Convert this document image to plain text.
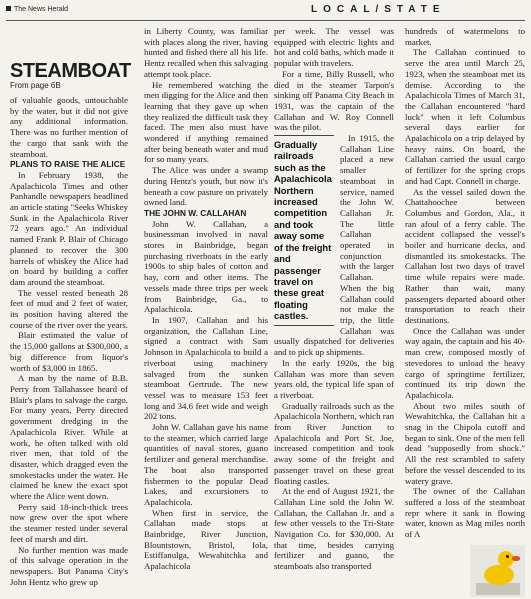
The News Herald	LOCAL/STATE
STEAMBOAT
From page 6B

of valuable goods, untouchable by the water, but it did not give any additional information. There was no further mention of the cargo that sank with the steamboat.

PLANS TO RAISE THE ALICE

In February 1938, the Apalachicola Times and other Panhandle newspapers headlined an article stating "Seeks Whiskey Sunk in the Apalachicola River 72 years ago." An individual named Frank P. Blair of Chicago planned to recover the 300 barrels of whiskey the Alice had on board by building a coffer dam around the steamboat.

The vessel rested beneath 28 feet of mud and 2 feet of water, its position having altered the course of the river over the years.

Blair estimated the value of the 15,000 gallons at $300,000, a big difference from liquor's worth of $3,000 in 1865.

A man by the name of B.B. Perry from Tallahassee heard of Blair's plans to salvage the cargo. For many years, Perry directed government dredging in the Apalachicola River. While at work, he often talked with old river men, that told of the disaster, which dragged even the smokestacks under the water. He claimed he knew the exact spot where the Alice went down.

Perry said 18-inch-thick trees now grew over the spot where the steamer rested under several feet of marsh and dirt.

No further mention was made of this salvage operation in the newspapers. But Panama City's John Hentz who grew up

in Liberty County, was familiar with places along the river, having hunted and fished there all his life. Hentz recalled when this salvaging attempt took place.

He remembered watching the men digging for the Alice and then learning that they gave up when they realized the difficult task they faced. The men also must have wondered if anything remained after being beneath water and mud for so many years.

The Alice was under a swamp during Hentz's youth, but now it's beneath a cow pasture on privately owned land.

THE JOHN W. CALLAHAN

John W. Callahan, a businessman involved in naval stores in Bainbridge, began purchasing riverboats in the early 1900s to ship bales of cotton and hay, corn and other items. The vessels made three trips per week from Bainbridge, Ga., to Apalachicola.

In 1907, Callahan and his organization, the Callahan Line, signed a contract with Sam Johnson in Apalachicola to build a riverboat using machinery salvaged from the sunken steamboat Gertrude. The new vessel was to measure 153 feet long and 34.6 feet wide and weigh 202 tons.

John W. Callahan gave his name to the steamer, which carried large quantities of naval stores, guano fertilizer and general merchandise. The boat also transported fishermen to the popular Dead Lakes, and excursioners to Apalachicola.

When first in service, the Callahan made stops at Bainbridge, River Junction, Blountstown, Bristol, Iola, Estiffanulga, Wewahitchka and Apalachicola

per week. The vessel was equipped with electric lights and hot and cold baths, which made it popular with travelers.

For a time, Billy Russell, who died in the steamer Tarpon's sinking off Panama City Beach in 1931, was the captain of the Callahan and W. Roy Connell was the pilot.

Gradually railroads such as the Apalachicola Northern increased competition and took away some of the freight and passenger travel on these great floating castles.

In 1915, the Callahan Line placed a new smaller steamboat in service, named the John W. Callahan Jr. The little Callahan

operated in conjunction with the larger Callahan. When the big Callahan could not make the trip, the little Callahan was usually dispatched for deliveries and to pick up shipments.

In the early 1920s, the big Callahan was more than seven years old, the typical life span of a riverboat.

Gradually railroads such as the Apalachicola Northern, which ran from River Junction to Apalachicola and Port St. Joe, increased competition and took away some of the freight and passenger travel on these great floating castles.

At the end of August 1921, the Callahan Line sold the John W. Callahan, the Callahan Jr. and a few other vessels to the Tri-State Navigation Co. for $30,000. At that time, besides carrying fertilizer and guano, the steamboats also transported

hundreds of watermelons to market.

The Callahan continued to serve the area until March 25, 1923, when the steamboat met its demise. According to the Apalachicola Times of March 31, the Callahan encountered "hard luck" when it left Columbus several days earlier for Apalachicola on a trip delayed by heavy rains. On board, the Callahan carried the usual cargo of fertilizer for the spring crops and had Capt. Connell in charge.

As the vessel sailed down the Chattahoochee between Columbus and Gordon, Ala., it ran afoul of a ferry cable. The accident collapsed the vessel's boiler and hurricane decks, and dismantled its smokestacks. The Callahan lost two days of travel time while repairs were made. Rather than wait, many passengers departed aboard other transportation to reach their destinations.

Once the Callahan was under way again, the captain and his 40-man crew, composed mostly of stevedores to unload the heavy cargo of springtime fertilizer, continued its trip down the Apalachicola.

About two miles south of Wewahitchka, the Callahan hit a snag in the Chipola cutoff and began to sink. One of the men fell dead "supposedly from shock." All the rest scrambled to safety before the vessel descended to its watery grave.

The owner of the Callahan suffered a loss of the steamboat repr where it sank in flowing water, known as Mag miles north of A
